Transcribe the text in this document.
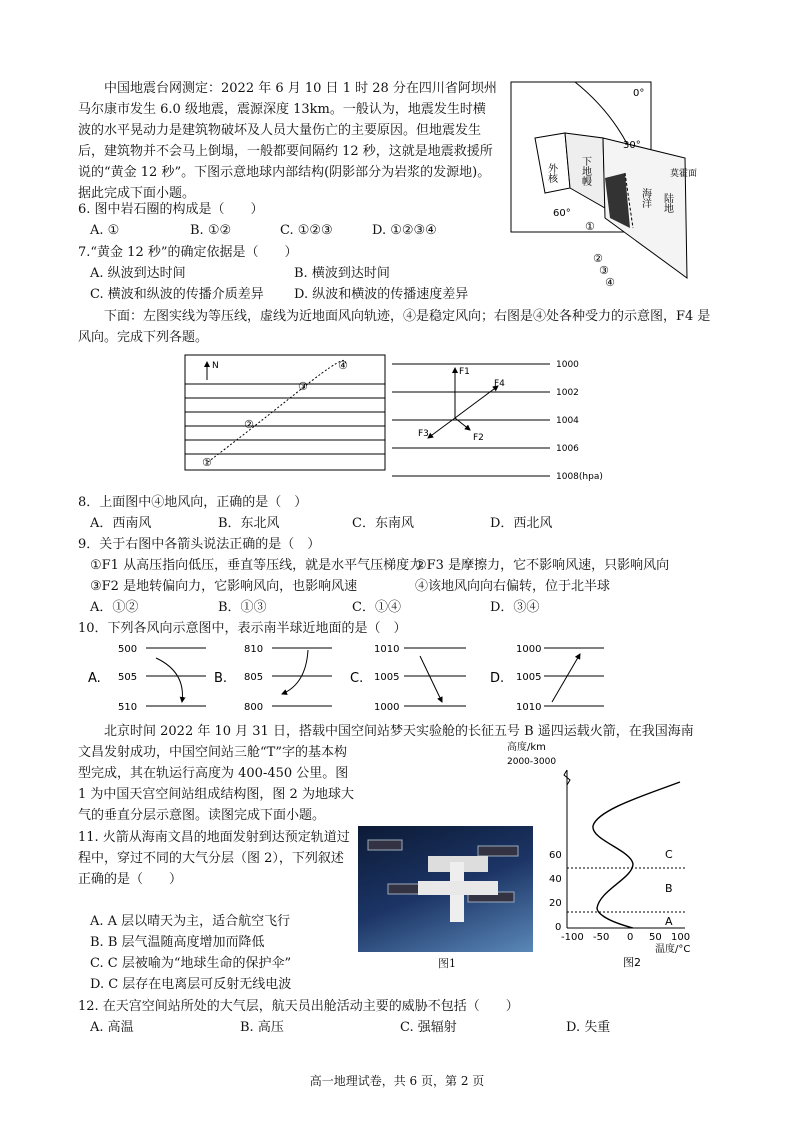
中国地震台网测定：2022 年 6 月 10 日 1 时 28 分在四川省阿坝州马尔康市发生 6.0 级地震，震源深度 13km。一般认为，地震发生时横波的水平晃动力是建筑物破坏及人员大量伤亡的主要原因。但地震发生后，建筑物并不会马上倒塌，一般都要间隔约 12 秒，这就是地震救援所说的“黄金 12 秒”。下图示意地球内部结构(阴影部分为岩浆的发源地)。据此完成下面小题。
0°
30°
60°
外核 下地幔
海洋 陆地
莫霍面
①
②
③
④
6. 图中岩石圈的构成是（　　）
A. ①	B. ①②	C. ①②③	D. ①②③④
7.“黄金 12 秒”的确定依据是（　　）
A. 纵波到达时间	B. 横波到达时间
C. 横波和纵波的传播介质差异 D. 纵波和横波的传播速度差异
下面：左图实线为等压线，虚线为近地面风向轨迹，④是稳定风向；右图是④处各种受力的示意图，F4 是风向。完成下列各题。
N
①
②
③
④	F1
F4
F3	F2
1000
1002
1004
1006
1008(hpa)
8．上面图中④地风向，正确的是（　）
A．西南风	B．东北风	C．东南风	D．西北风
9．关于右图中各箭头说法正确的是（　）
①F1 从高压指向低压，垂直等压线，就是水平气压梯度力
②F3 是摩擦力，它不影响风速，只影响风向
③F2 是地转偏向力，它影响风向，也影响风速	④该地风向向右偏转，位于北半球
A．①②	B．①③	C．①④	D．③④
10．下列各风向示意图中，表示南半球近地面的是（　）
A.
500
505
510
B.
810
805
800
C.
1010
1005
1000
D.
1000
1005
1010
北京时间 2022 年 10 月 31 日，搭载中国空间站梦天实验舱的长征五号 B 遥四运载火箭，在我国海南
文昌发射成功，中国空间站三舱“T”字的基本构型完成，其在轨运行高度为 400-450 公里。图 1 为中国天宫空间站组成结构图，图 2 为地球大气的垂直分层示意图。读图完成下面小题。
高度/km
2000-3000
60
40
20
0
-100 -50 0 50 100
温度/°C
A
B
C
图2
图1
11. 火箭从海南文昌的地面发射到达预定轨道过程中，穿过不同的大气分层（图 2），下列叙述正确的是（　　）
A. A 层以晴天为主，适合航空飞行
B. B 层气温随高度增加而降低
C. C 层被喻为“地球生命的保护伞”
D. C 层存在电离层可反射无线电波
12. 在天宫空间站所处的大气层，航天员出舱活动主要的威胁不包括（　　）
A. 高温	B. 高压	C. 强辐射	D. 失重
高一地理试卷，共 6 页，第 2 页
